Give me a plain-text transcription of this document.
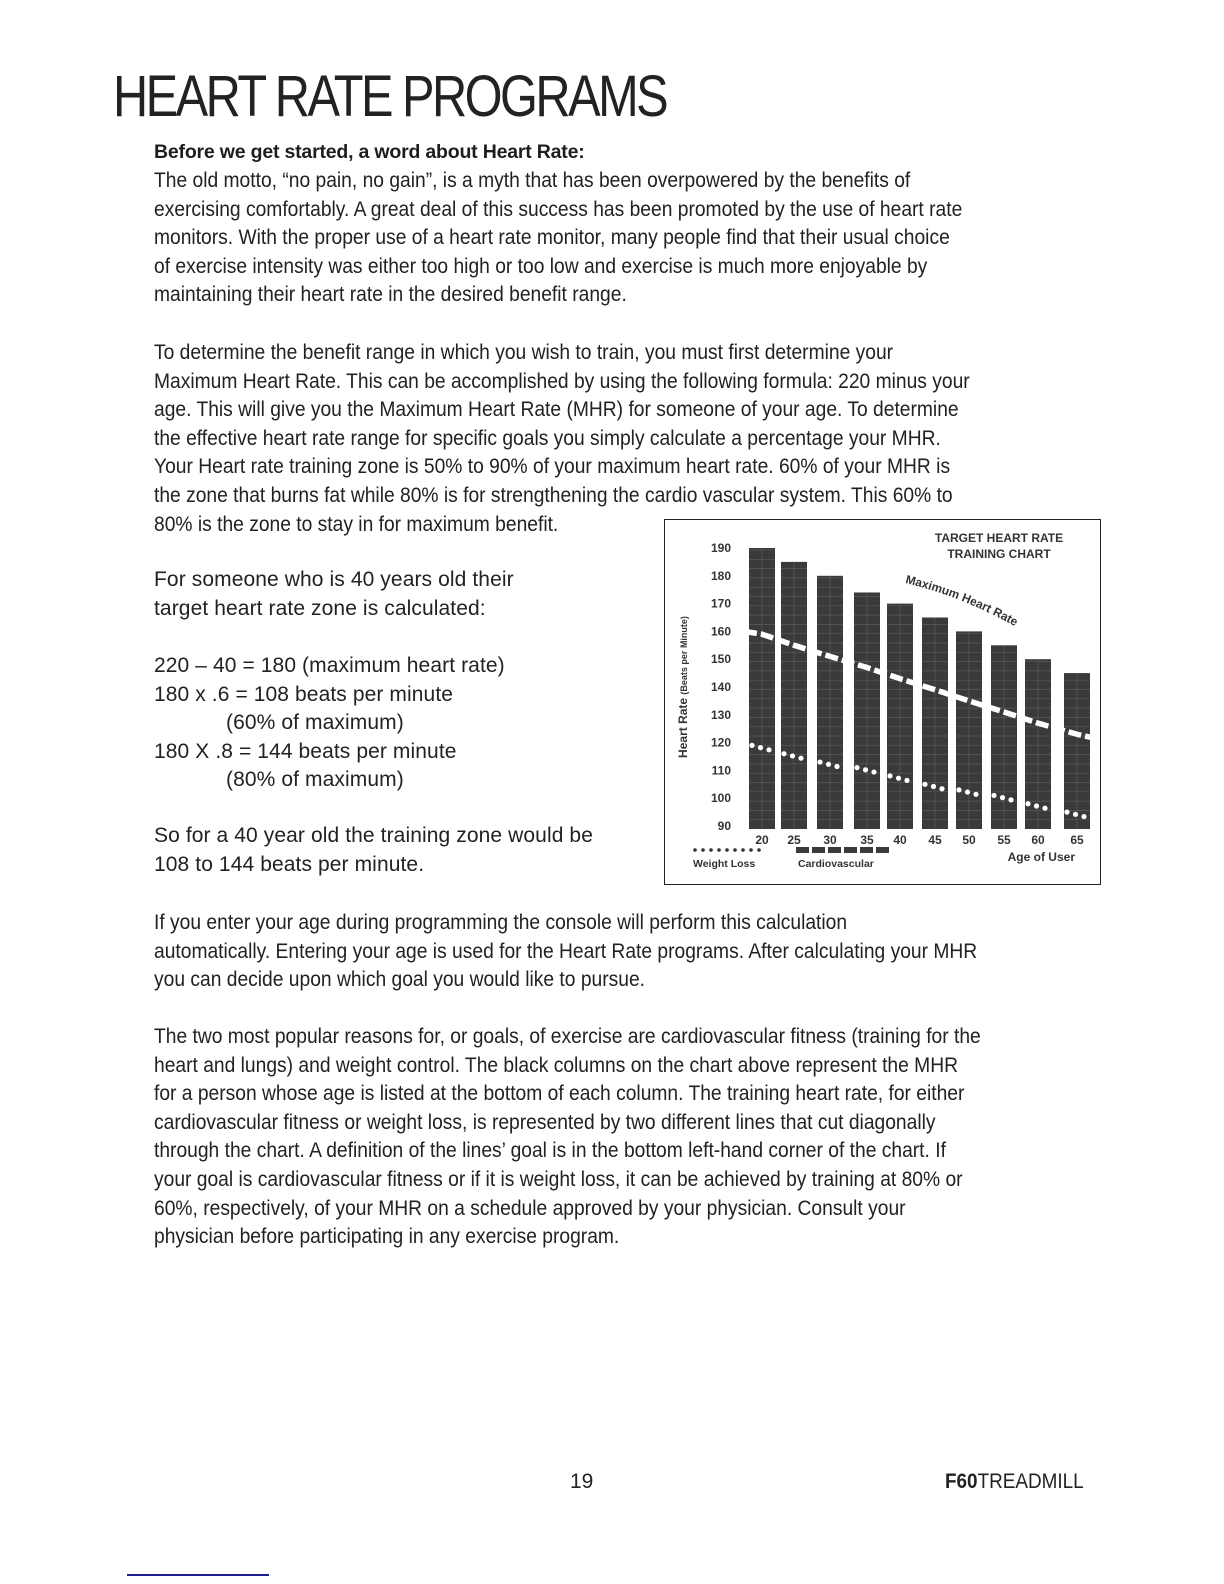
HEART RATE PROGRAMS
Before we get started, a word about Heart Rate:
The old motto, “no pain, no gain”, is a myth that has been overpowered by the benefits of
exercising comfortably. A great deal of this success has been promoted by the use of heart rate
monitors. With the proper use of a heart rate monitor, many people find that their usual choice
of exercise intensity was either too high or too low and exercise is much more enjoyable by
maintaining their heart rate in the desired benefit range.
To determine the benefit range in which you wish to train, you must first determine your
Maximum Heart Rate. This can be accomplished by using the following formula: 220 minus your
age. This will give you the Maximum Heart Rate (MHR) for someone of your age. To determine
the effective heart rate range for specific goals you simply calculate a percentage your MHR.
Your Heart rate training zone is 50% to 90% of your maximum heart rate. 60% of your MHR is
the zone that burns fat while 80% is for strengthening the cardio vascular system. This 60% to
80% is the zone to stay in for maximum benefit.
For someone who is 40 years old their
target heart rate zone is calculated:
220 – 40 = 180 (maximum heart rate)
180 x .6 = 108 beats per minute
(60% of maximum)
180 X .8 = 144 beats per minute
(80% of maximum)
So for a 40 year old the training zone would be
108 to 144 beats per minute.
190
180
170
160
150
140
130
120
110
100
90
Heart Rate (Beats per Minute)
20 25 30 35 40 45 50 55 60 65
TARGET HEART RATE
TRAINING CHART
Maximum Heart Rate
Age of User
Weight Loss	Cardiovascular
If you enter your age during programming the console will perform this calculation
automatically. Entering your age is used for the Heart Rate programs. After calculating your MHR
you can decide upon which goal you would like to pursue.
The two most popular reasons for, or goals, of exercise are cardiovascular fitness (training for the
heart and lungs) and weight control. The black columns on the chart above represent the MHR
for a person whose age is listed at the bottom of each column. The training heart rate, for either
cardiovascular fitness or weight loss, is represented by two different lines that cut diagonally
through the chart. A definition of the lines’ goal is in the bottom left-hand corner of the chart. If
your goal is cardiovascular fitness or if it is weight loss, it can be achieved by training at 80% or
60%, respectively, of your MHR on a schedule approved by your physician. Consult your
physician before participating in any exercise program.
19	F60TREADMILL
